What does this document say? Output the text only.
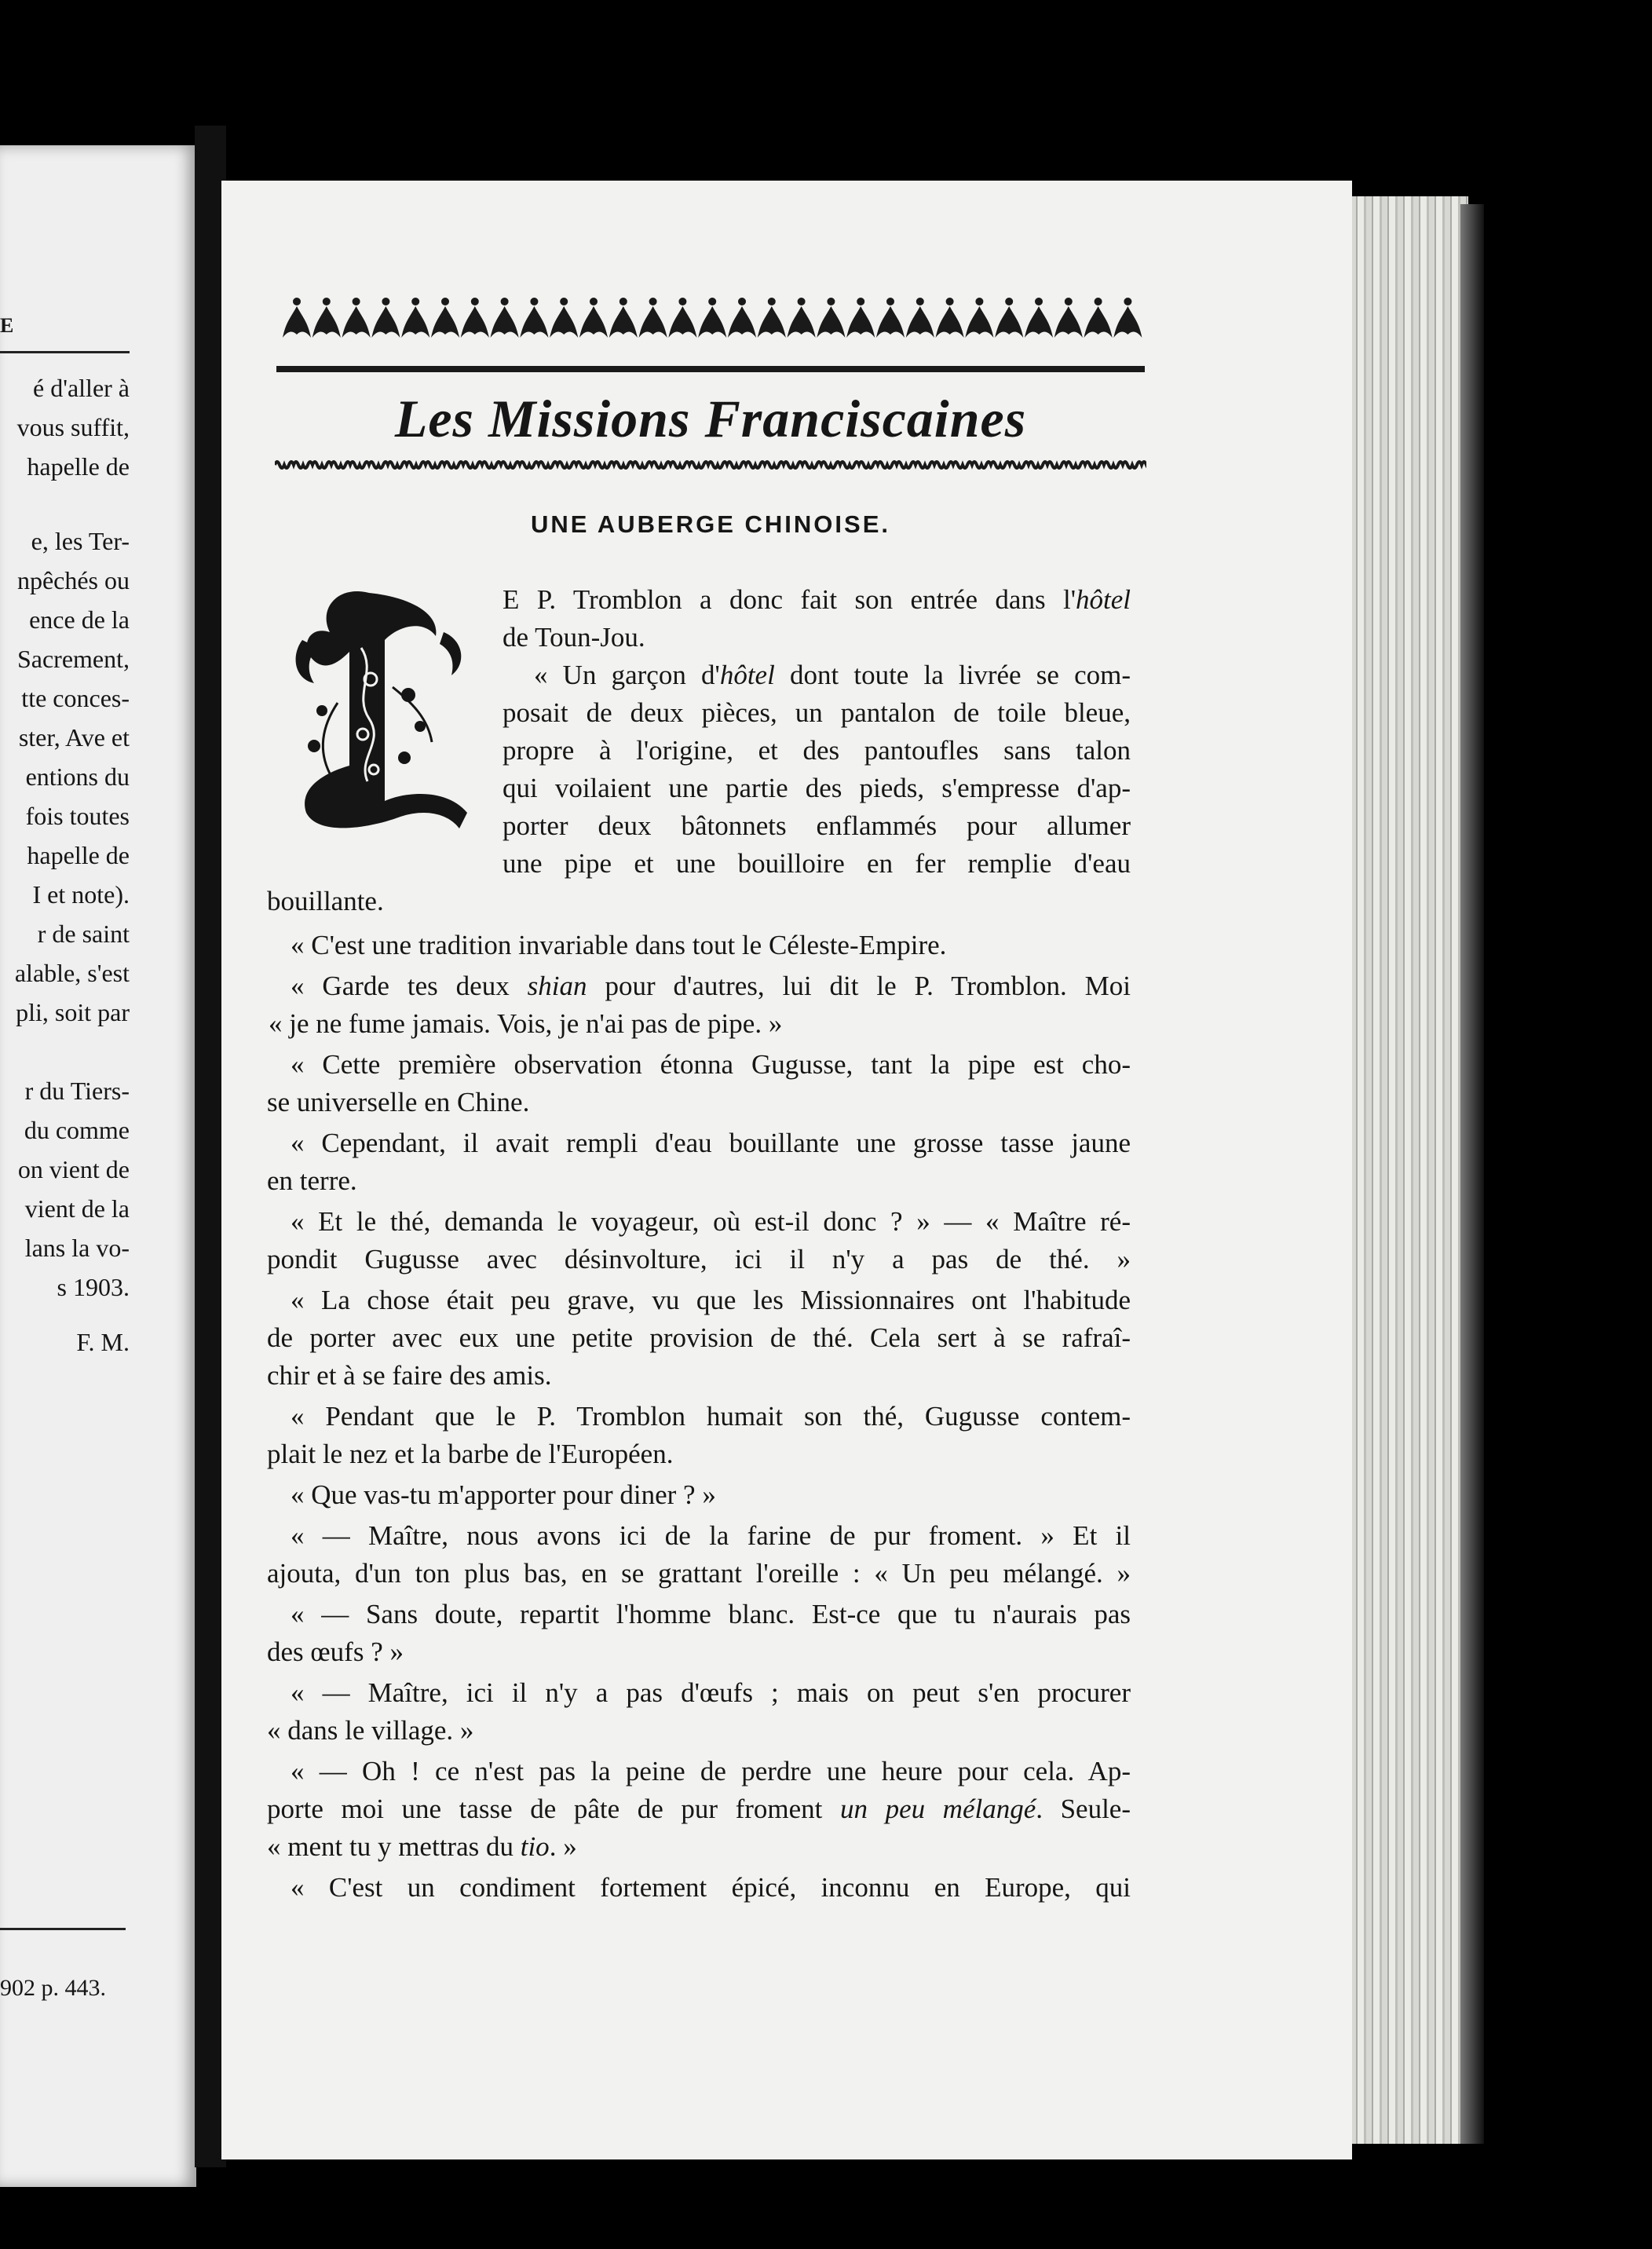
E
é d'aller à
vous suffit,
hapelle de
e, les Ter-
npêchés ou
ence de la
Sacrement,
tte conces-
ster, Ave et
entions du
fois toutes
hapelle de
I et note).
r de saint
alable, s'est
pli, soit par
r du Tiers-
du comme
on vient de
vient de la
lans la vo-
s 1903.
F. M.
902 p. 443.
Les Missions Franciscaines
UNE AUBERGE CHINOISE.
E P. Tromblon a donc fait son entrée dans l'hôtel
de Toun-Jou.
« Un garçon d'hôtel dont toute la livrée se com-
posait de deux pièces, un pantalon de toile bleue,
propre à l'origine, et des pantoufles sans talon
qui voilaient une partie des pieds, s'empresse d'ap-
porter deux bâtonnets enflammés pour allumer
une pipe et une bouilloire en fer remplie d'eau
bouillante.
« C'est une tradition invariable dans tout le Céleste-Empire.
« Garde tes deux shian pour d'autres, lui dit le P. Tromblon. Moi
« je ne fume jamais. Vois, je n'ai pas de pipe. »
« Cette première observation étonna Gugusse, tant la pipe est cho-
se universelle en Chine.
« Cependant, il avait rempli d'eau bouillante une grosse tasse jaune
en terre.
« Et le thé, demanda le voyageur, où est-il donc ? » — « Maître ré-
pondit Gugusse avec désinvolture, ici il n'y a pas de thé. »
« La chose était peu grave, vu que les Missionnaires ont l'habitude
de porter avec eux une petite provision de thé. Cela sert à se rafraî-
chir et à se faire des amis.
« Pendant que le P. Tromblon humait son thé, Gugusse contem-
plait le nez et la barbe de l'Européen.
« Que vas-tu m'apporter pour diner ? »
« — Maître, nous avons ici de la farine de pur froment. » Et il
ajouta, d'un ton plus bas, en se grattant l'oreille : « Un peu mélangé. »
« — Sans doute, repartit l'homme blanc. Est-ce que tu n'aurais pas
des œufs ? »
« — Maître, ici il n'y a pas d'œufs ; mais on peut s'en procurer
« dans le village. »
« — Oh ! ce n'est pas la peine de perdre une heure pour cela. Ap-
porte moi une tasse de pâte de pur froment un peu mélangé. Seule-
« ment tu y mettras du tio. »
« C'est un condiment fortement épicé, inconnu en Europe, qui
